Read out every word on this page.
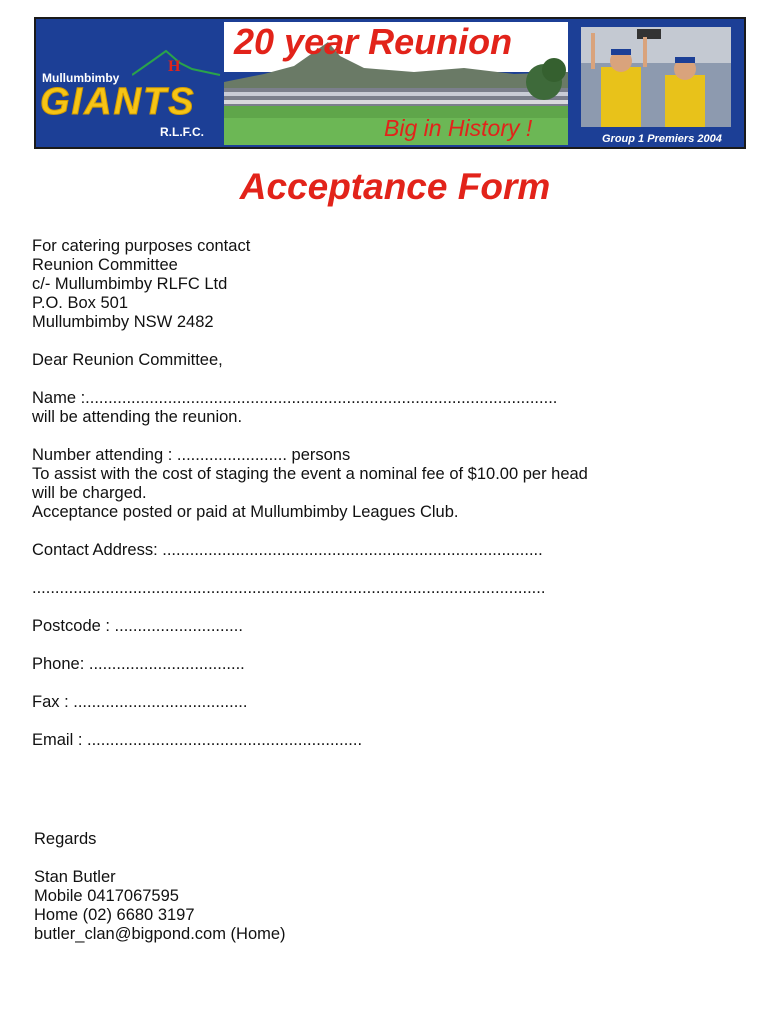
H
Mullumbimby
GIANTS
R.L.F.C.
20 year Reunion
Big in History !	Group 1 Premiers 2004
Acceptance Form
For catering purposes contact
Reunion Committee
c/- Mullumbimby RLFC Ltd
P.O. Box 501
Mullumbimby NSW 2482
Dear Reunion Committee,
Name :.......................................................................................................
will be attending the reunion.
Number attending : ........................ persons
To assist with the cost of staging the event a nominal fee of $10.00 per head
will be charged.
Acceptance posted or paid at Mullumbimby Leagues Club.
Contact Address: ...................................................................................
................................................................................................................
Postcode : ............................
Phone: ..................................
Fax : ......................................
Email : ............................................................
Regards
Stan Butler
Mobile 0417067595
Home (02) 6680 3197
butler_clan@bigpond.com (Home)
